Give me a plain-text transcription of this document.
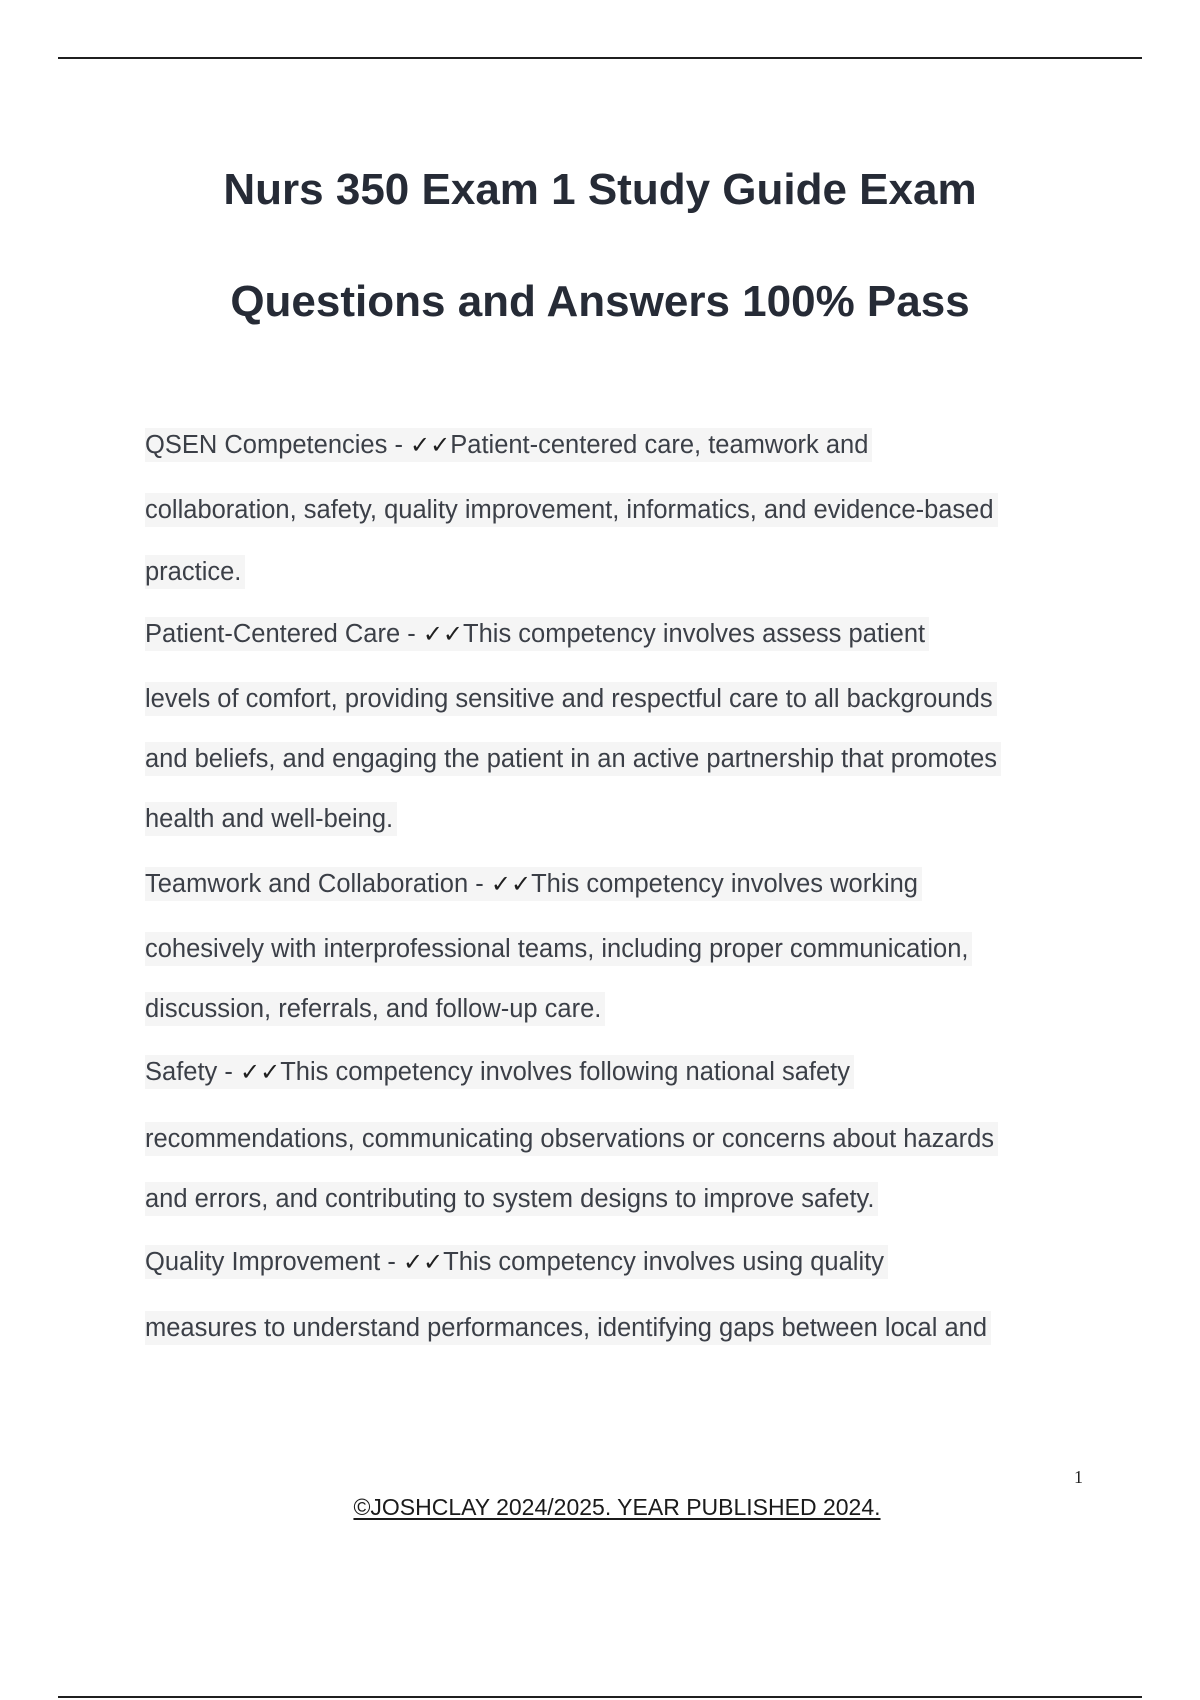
Nurs 350 Exam 1 Study Guide Exam
Questions and Answers 100% Pass
QSEN Competencies - ✓✓Patient-centered care, teamwork and
collaboration, safety, quality improvement, informatics, and evidence-based
practice.
Patient-Centered Care - ✓✓This competency involves assess patient
levels of comfort, providing sensitive and respectful care to all backgrounds
and beliefs, and engaging the patient in an active partnership that promotes
health and well-being.
Teamwork and Collaboration - ✓✓This competency involves working
cohesively with interprofessional teams, including proper communication,
discussion, referrals, and follow-up care.
Safety - ✓✓This competency involves following national safety
recommendations, communicating observations or concerns about hazards
and errors, and contributing to system designs to improve safety.
Quality Improvement - ✓✓This competency involves using quality
measures to understand performances, identifying gaps between local and
1
©JOSHCLAY 2024/2025. YEAR PUBLISHED 2024.
